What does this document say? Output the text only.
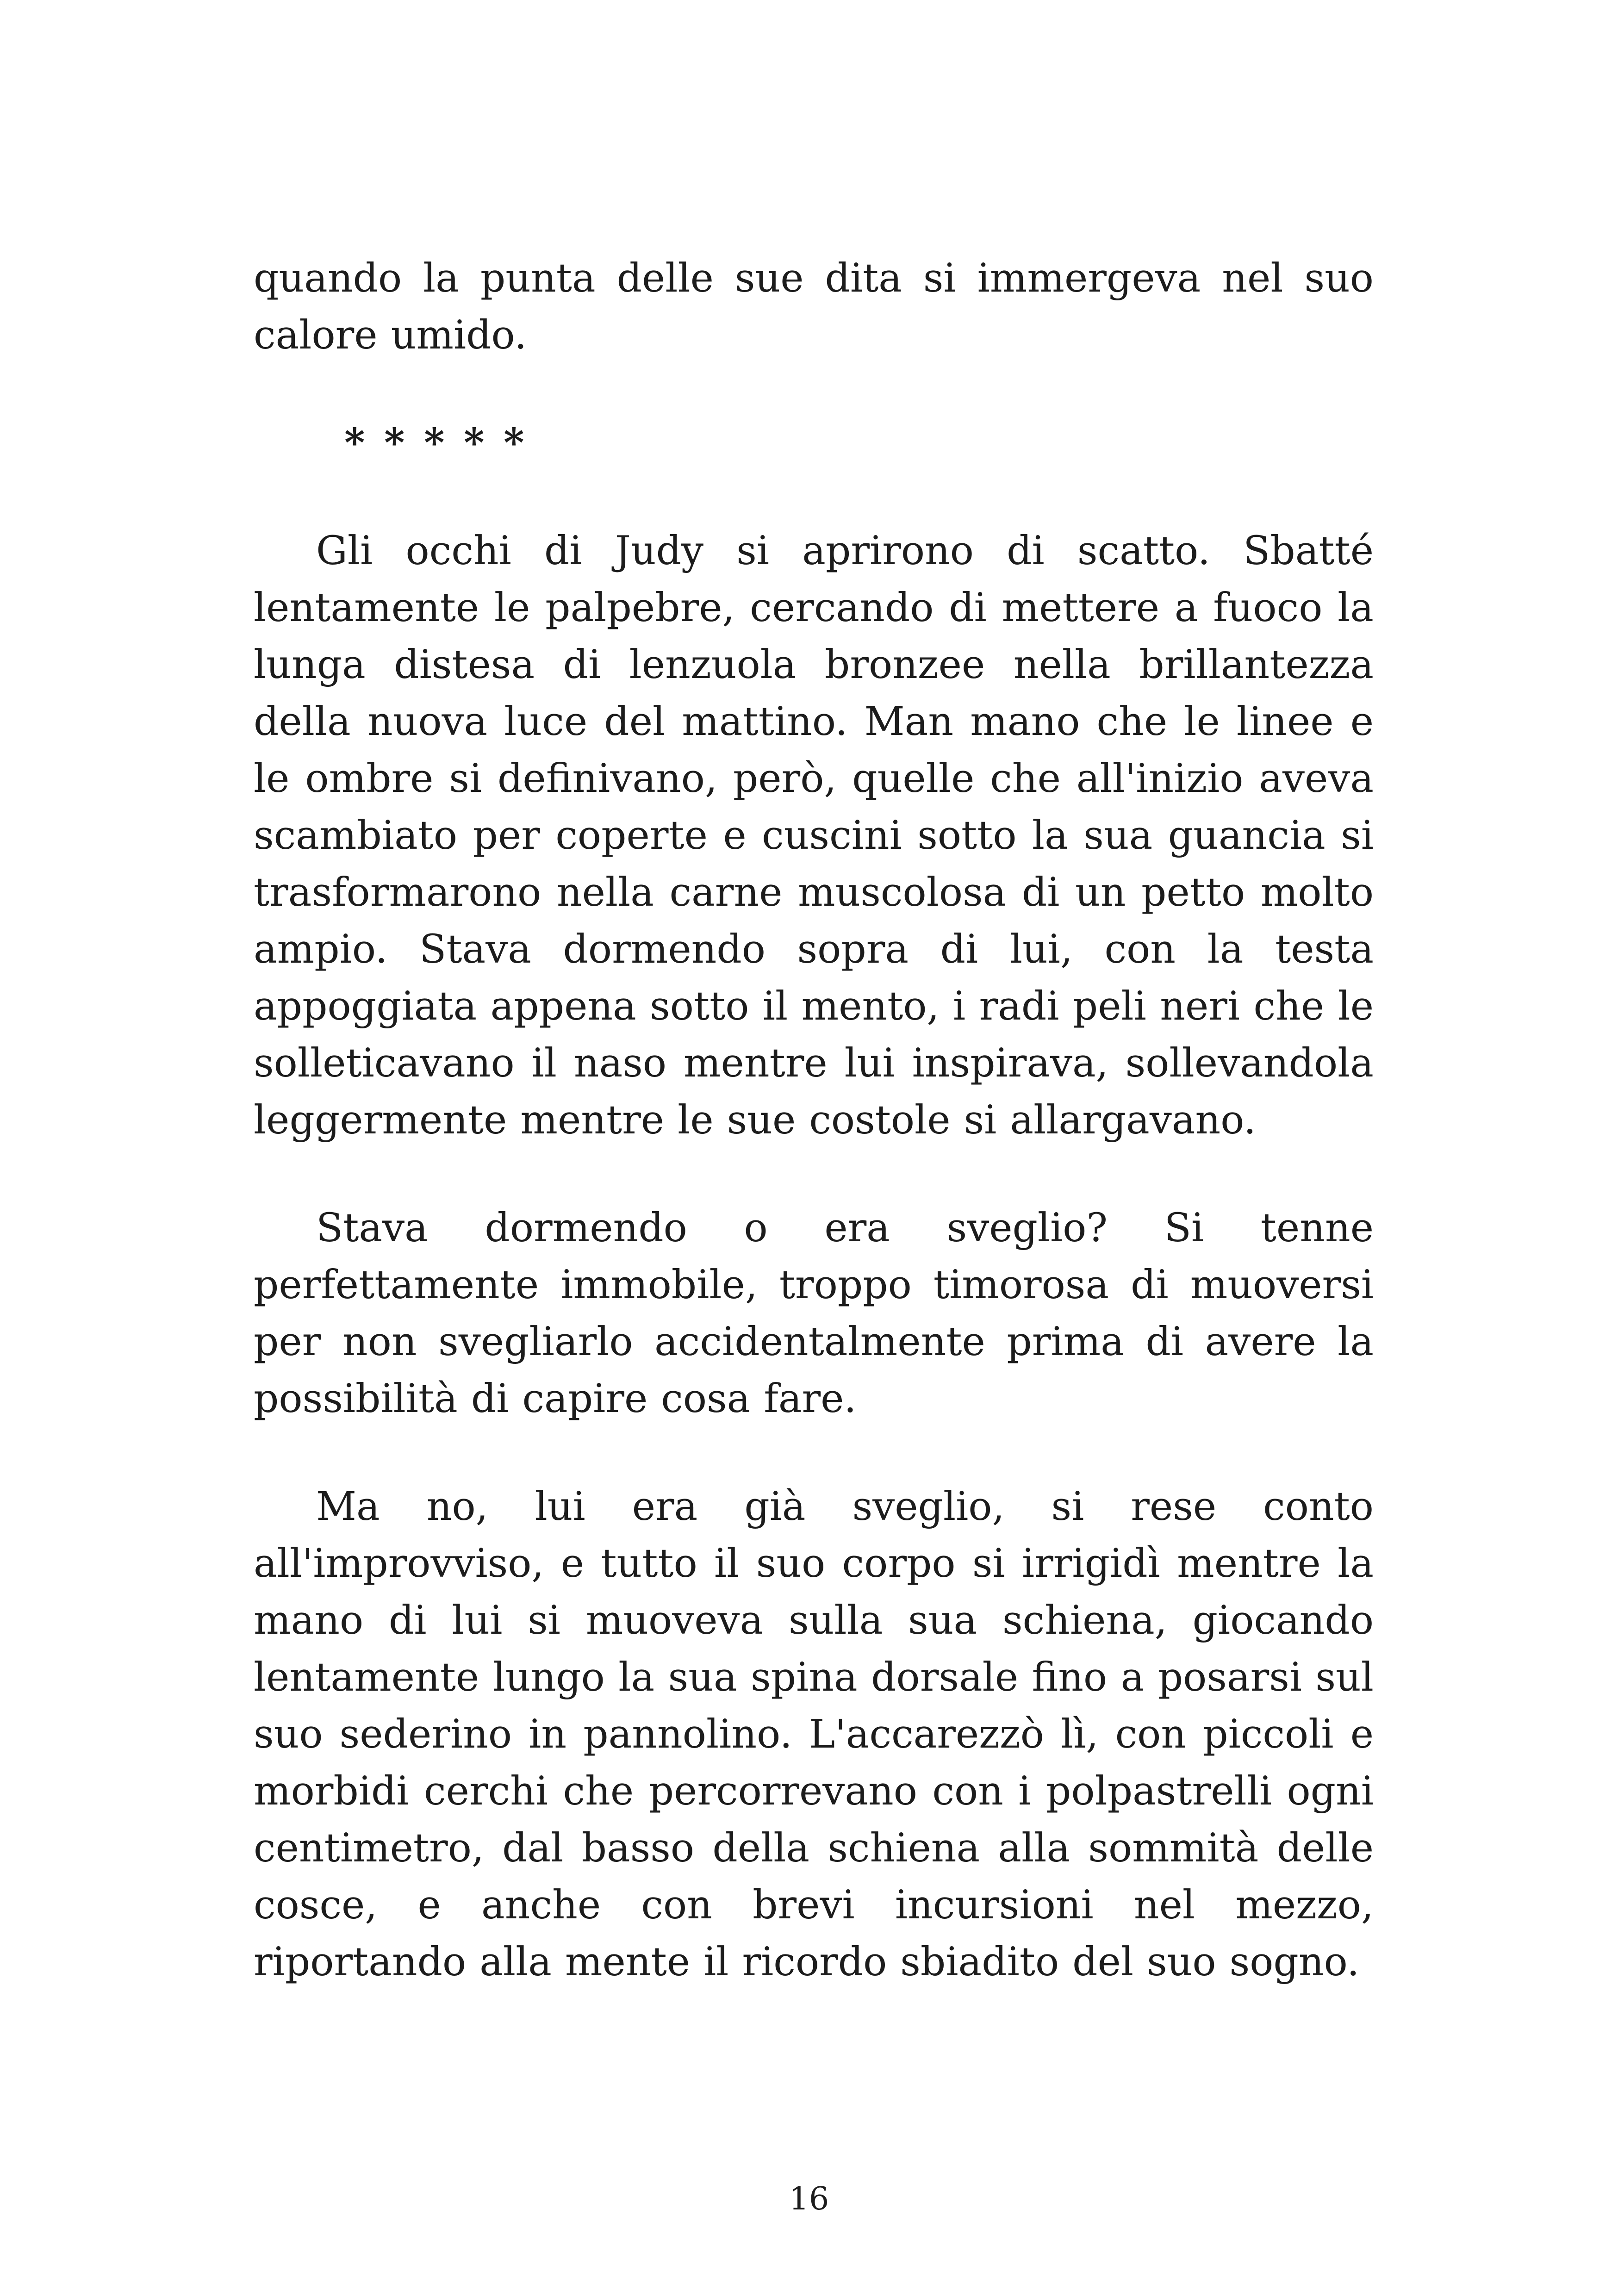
quando la punta delle sue dita si immergeva nel suo calore umido.

* * * * *

Gli occhi di Judy si aprirono di scatto. Sbatté lentamente le palpebre, cercando di mettere a fuoco la lunga distesa di lenzuola bronzee nella brillantezza della nuova luce del mattino. Man mano che le linee e le ombre si definivano, però, quelle che all'inizio aveva scambiato per coperte e cuscini sotto la sua guancia si trasformarono nella carne muscolosa di un petto molto ampio. Stava dormendo sopra di lui, con la testa appoggiata appena sotto il mento, i radi peli neri che le solleticavano il naso mentre lui inspirava, sollevandola leggermente mentre le sue costole si allargavano.

Stava dormendo o era sveglio? Si tenne perfettamente immobile, troppo timorosa di muoversi per non svegliarlo accidentalmente prima di avere la possibilità di capire cosa fare.

Ma no, lui era già sveglio, si rese conto all'improvviso, e tutto il suo corpo si irrigidì mentre la mano di lui si muoveva sulla sua schiena, giocando lentamente lungo la sua spina dorsale fino a posarsi sul suo sederino in pannolino. L'accarezzò lì, con piccoli e morbidi cerchi che percorrevano con i polpastrelli ogni centimetro, dal basso della schiena alla sommità delle cosce, e anche con brevi incursioni nel mezzo, riportando alla mente il ricordo sbiadito del suo sogno.

16
